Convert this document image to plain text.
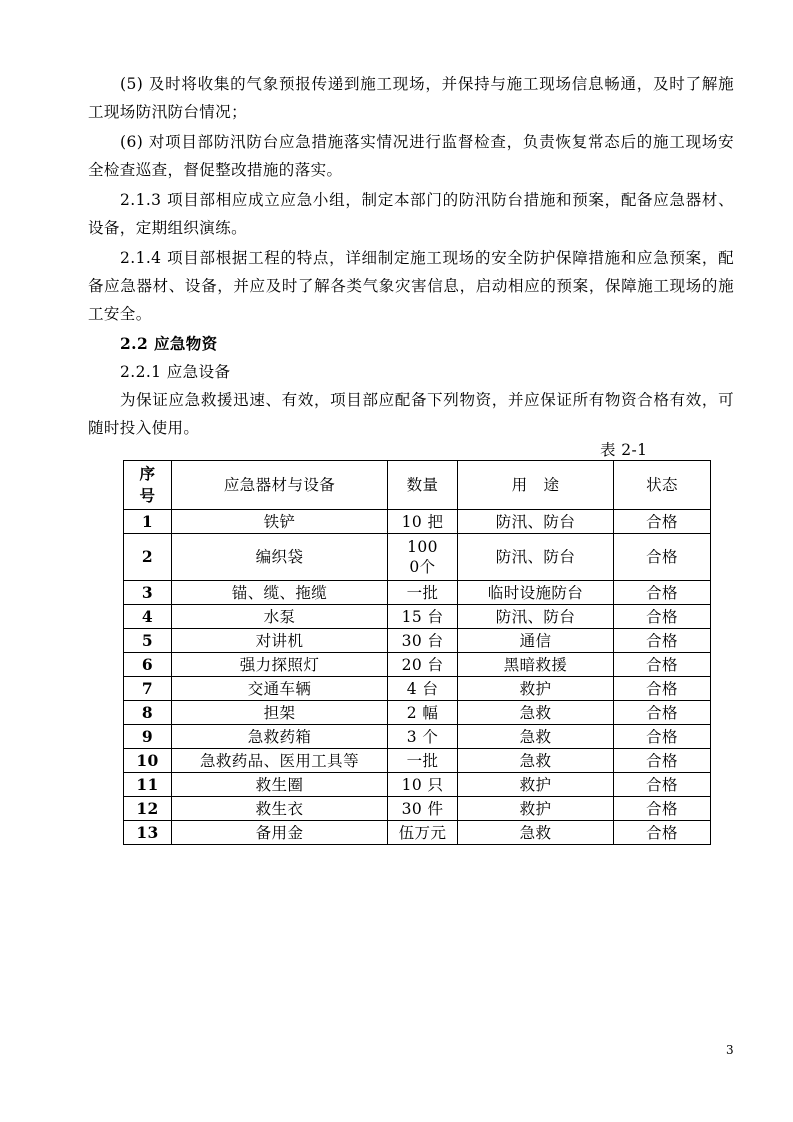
(5) 及时将收集的气象预报传递到施工现场，并保持与施工现场信息畅通，及时了解施工现场防汛防台情况；

(6) 对项目部防汛防台应急措施落实情况进行监督检查，负责恢复常态后的施工现场安全检查巡查，督促整改措施的落实。

2.1.3 项目部相应成立应急小组，制定本部门的防汛防台措施和预案，配备应急器材、设备，定期组织演练。

2.1.4 项目部根据工程的特点，详细制定施工现场的安全防护保障措施和应急预案，配备应急器材、设备，并应及时了解各类气象灾害信息，启动相应的预案，保障施工现场的施工安全。

2.2 应急物资

2.2.1 应急设备

为保证应急救援迅速、有效，项目部应配备下列物资，并应保证所有物资合格有效，可随时投入使用。

表 2-1
序号	应急器材与设备	数量	用　途	状态
1	铁铲	10 把	防汛、防台	合格
2	编织袋	1000个	防汛、防台	合格
3	锚、缆、拖缆	一批	临时设施防台	合格
4	水泵	15 台	防汛、防台	合格
5	对讲机	30 台	通信	合格
6	强力探照灯	20 台	黑暗救援	合格
7	交通车辆	4 台	救护	合格
8	担架	2 幅	急救	合格
9	急救药箱	3 个	急救	合格
10	急救药品、医用工具等	一批	急救	合格
11	救生圈	10 只	救护	合格
12	救生衣	30 件	救护	合格
13	备用金	伍万元	急救	合格
3
